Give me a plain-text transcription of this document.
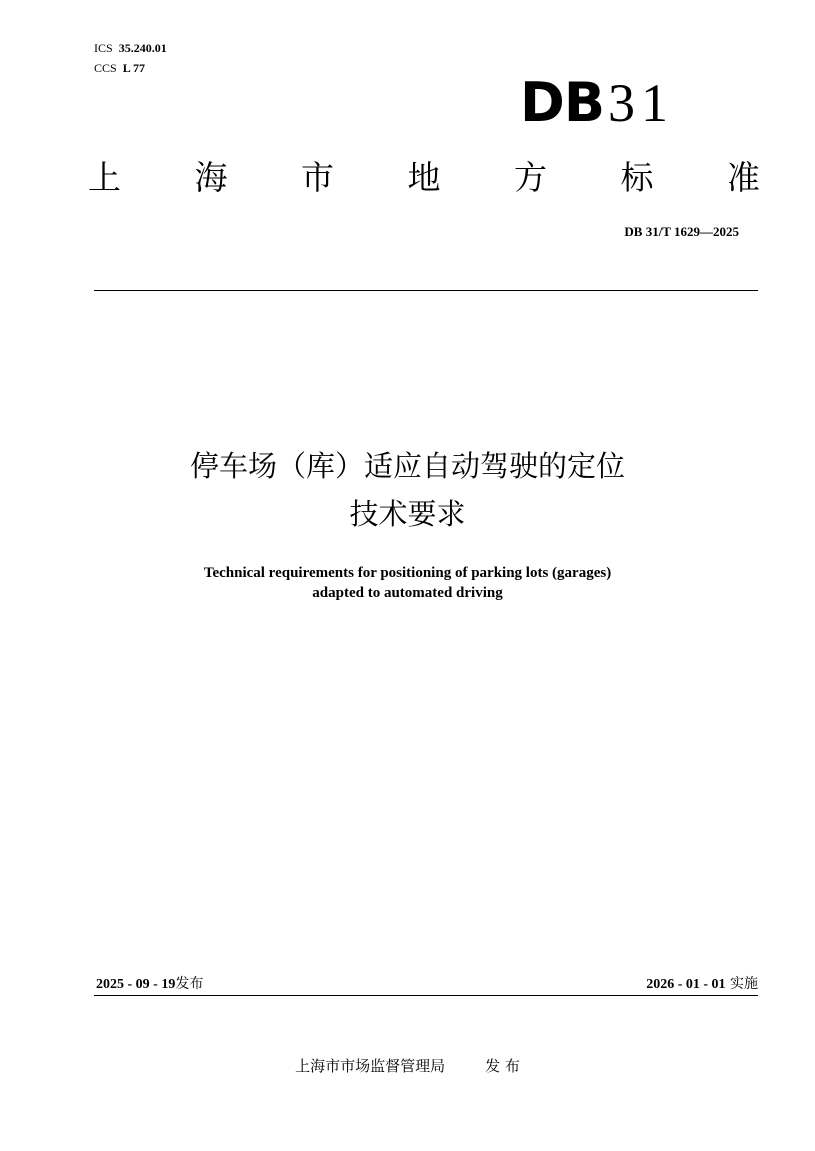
ICS 35.240.01
CCS L 77
DB31
上 海 市 地 方 标 准
DB 31/T 1629—2025
停车场（库）适应自动驾驶的定位
技术要求
Technical requirements for positioning of parking lots (garages)
adapted to automated driving
2025 - 09 - 19发布	2026 - 01 - 01 实施
上海市市场监督管理局	发 布
